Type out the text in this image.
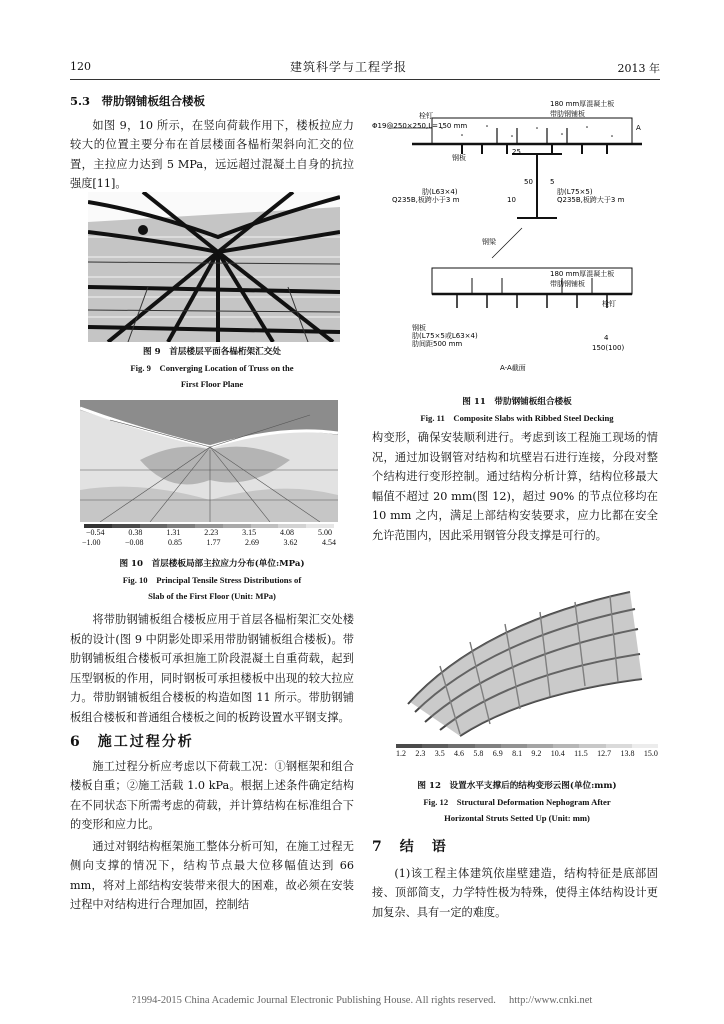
120	建筑科学与工程学报	2013 年
5.3　带肋钢铺板组合楼板
如图 9，10 所示，在竖向荷载作用下，楼板拉应力较大的位置主要分布在首层楼面各榀桁架斜向汇交的位置，主拉应力达到 5 MPa，远远超过混凝土自身的抗拉强度[11]。
图 9　首层楼层平面各榀桁架汇交处
Fig. 9　Converging Location of Truss on the
First Floor Plane
−0.54	0.38	1.31	2.23	3.15	4.08	5.00
−1.00	−0.08	0.85	1.77	2.69	3.62	4.54
图 10　首层楼板局部主拉应力分布(单位:MPa)
Fig. 10　Principal Tensile Stress Distributions of
Slab of the First Floor (Unit: MPa)
将带肋钢铺板组合楼板应用于首层各榀桁架汇交处楼板的设计(图 9 中阴影处即采用带肋钢铺板组合楼板)。带肋钢铺板组合楼板可承担施工阶段混凝土自重荷载，起到压型钢板的作用，同时钢板可承担楼板中出现的较大拉应力。带肋钢铺板组合楼板的构造如图 11 所示。带肋钢铺板组合楼板和普通组合楼板之间的板跨设置水平钢支撑。
6　施工过程分析
施工过程分析应考虑以下荷载工况：①钢框架和组合楼板自重；②施工活载 1.0 kPa。根据上述条件确定结构在不同状态下所需考虑的荷载，并计算结构在标准组合下的变形和应力比。
通过对钢结构框架施工整体分析可知，在施工过程无侧向支撑的情况下，结构节点最大位移幅值达到 66 mm，将对上部结构安装带来很大的困难，故必须在安装过程中对结构进行合理加固，控制结
180 mm厚混凝土板
栓钉
Φ19@250×250,L=150 mm
带肋钢铺板
钢板
肋(L63×4)
Q235B,板跨小于3 m
肋(L75×5)
Q235B,板跨大于3 m
钢梁
25
50
10
5
A
180 mm厚混凝土板
带肋钢铺板
栓钉
钢板
肋(L75×5或L63×4)
肋间距500 mm
4
150(100)
A-A截面
图 11　带肋钢铺板组合楼板
Fig. 11　Composite Slabs with Ribbed Steel Decking
构变形，确保安装顺利进行。考虑到该工程施工现场的情况，通过加设钢管对结构和坑壁岩石进行连接，分段对整个结构进行变形控制。通过结构分析计算，结构位移最大幅值不超过 20 mm(图 12)，超过 90% 的节点位移均在 10 mm 之内，满足上部结构安装要求，应力比都在安全允许范围内，因此采用钢管分段支撑是可行的。
1.2 2.3 3.5 4.6 5.8 6.9 8.1 9.2 10.4 11.5 12.7 13.8 15.0
图 12　设置水平支撑后的结构变形云图(单位:mm)
Fig. 12　Structural Deformation Nephogram After
Horizontal Struts Setted Up (Unit: mm)
7　结　语
(1)该工程主体建筑依崖壁建造，结构特征是底部固接、顶部简支，力学特性极为特殊，使得主体结构设计更加复杂、具有一定的难度。
?1994-2015 China Academic Journal Electronic Publishing House. All rights reserved.　 http://www.cnki.net
